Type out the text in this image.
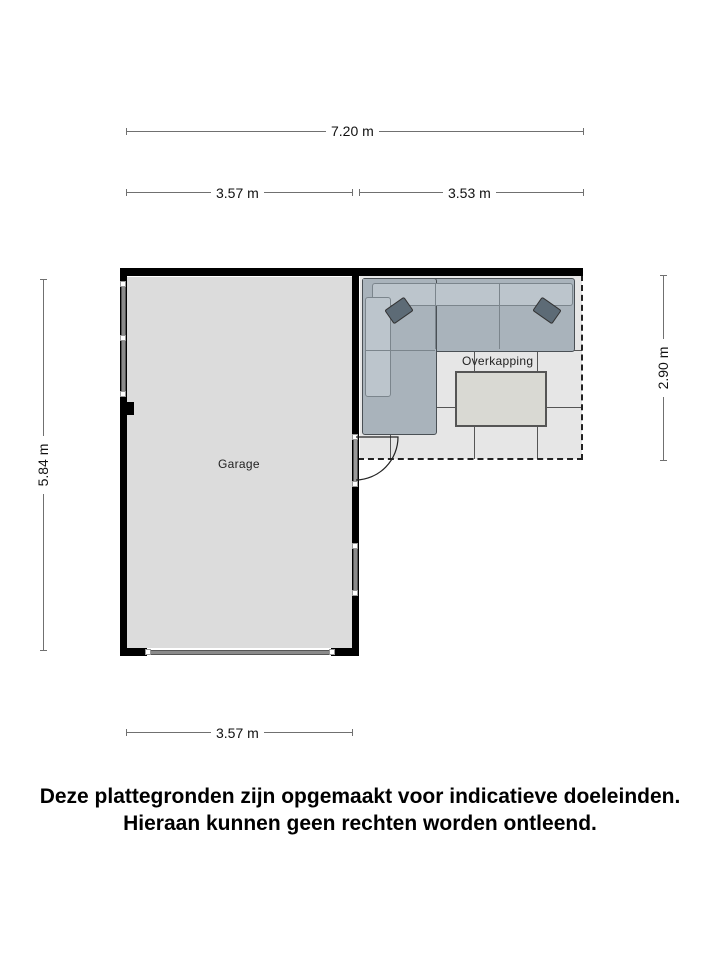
7.20 m
3.57 m	3.53 m
5.84 m
2.90 m
Garage
Overkapping
3.57 m
Deze plattegronden zijn opgemaakt voor indicatieve doeleinden.
Hieraan kunnen geen rechten worden ontleend.
